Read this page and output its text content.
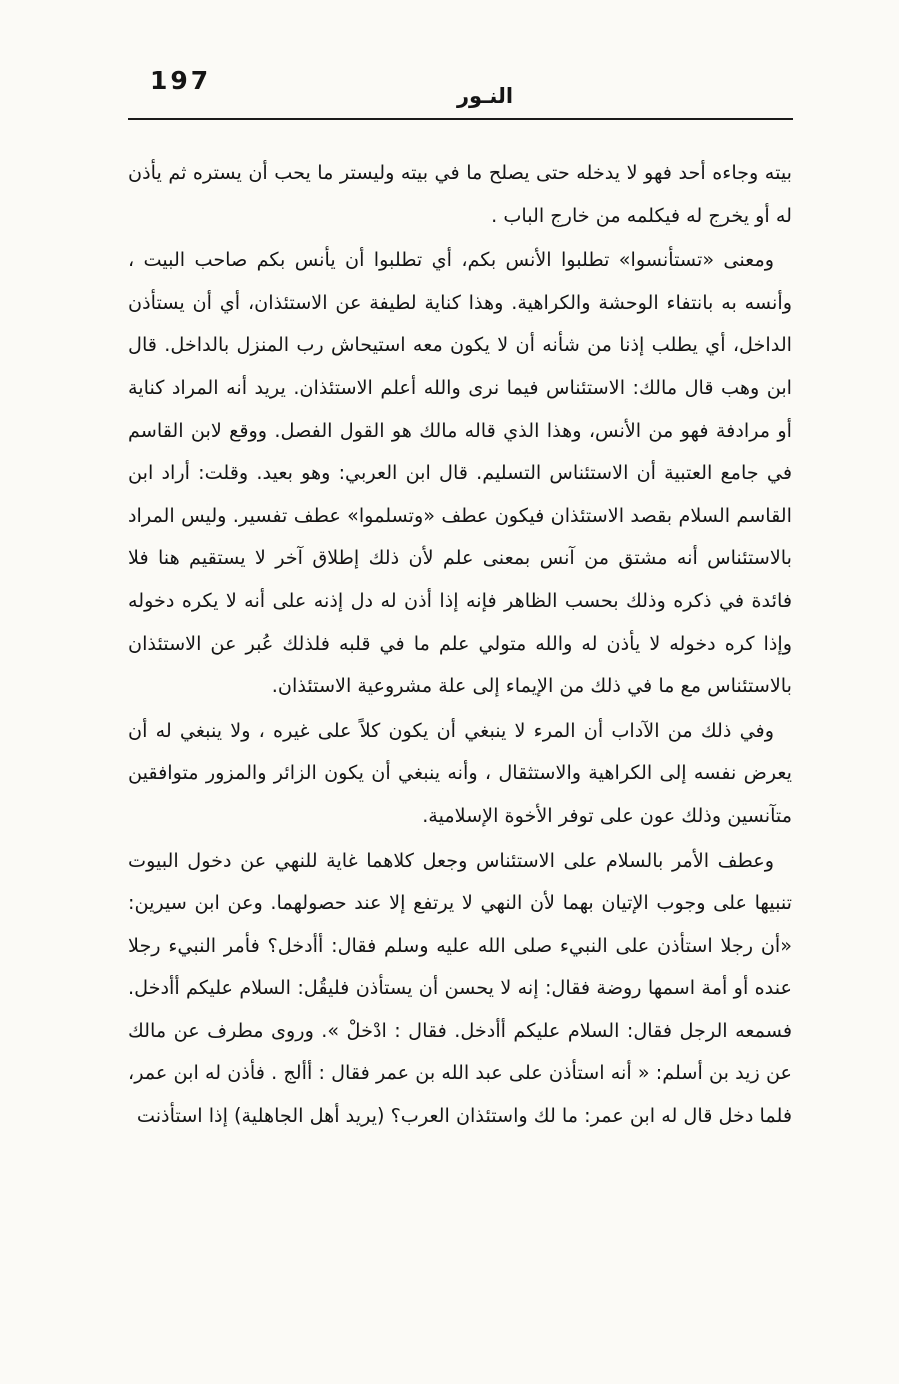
197
النـور

بيته وجاءه أحد فهو لا يدخله حتى يصلح ما في بيته وليستر ما يحب أن يستره ثم يأذن له أو يخرج له فيكلمه من خارج الباب .

ومعنى «تستأنسوا» تطلبوا الأنس بكم، أي تطلبوا أن يأنس بكم صاحب البيت ، وأنسه به بانتفاء الوحشة والكراهية. وهذا كناية لطيفة عن الاستئذان، أي أن يستأذن الداخل، أي يطلب إذنا من شأنه أن لا يكون معه استيحاش رب المنزل بالداخل. قال ابن وهب قال مالك: الاستئناس فيما نرى والله أعلم الاستئذان. يريد أنه المراد كناية أو مرادفة فهو من الأنس، وهذا الذي قاله مالك هو القول الفصل. ووقع لابن القاسم في جامع العتبية أن الاستئناس التسليم. قال ابن العربي: وهو بعيد. وقلت: أراد ابن القاسم السلام بقصد الاستئذان فيكون عطف «وتسلموا» عطف تفسير. وليس المراد بالاستئناس أنه مشتق من آنس بمعنى علم لأن ذلك إطلاق آخر لا يستقيم هنا فلا فائدة في ذكره وذلك بحسب الظاهر فإنه إذا أذن له دل إذنه على أنه لا يكره دخوله وإذا كره دخوله لا يأذن له والله متولي علم ما في قلبه فلذلك عُبر عن الاستئذان بالاستئناس مع ما في ذلك من الإيماء إلى علة مشروعية الاستئذان.

وفي ذلك من الآداب أن المرء لا ينبغي أن يكون كلاً على غيره ، ولا ينبغي له أن يعرض نفسه إلى الكراهية والاستثقال ، وأنه ينبغي أن يكون الزائر والمزور متوافقين متآنسين وذلك عون على توفر الأخوة الإسلامية.

وعطف الأمر بالسلام على الاستئناس وجعل كلاهما غاية للنهي عن دخول البيوت تنبيها على وجوب الإتيان بهما لأن النهي لا يرتفع إلا عند حصولهما. وعن ابن سيرين: «أن رجلا استأذن على النبيء صلى الله عليه وسلم فقال: أأدخل؟ فأمر النبيء رجلا عنده أو أمة اسمها روضة فقال: إنه لا يحسن أن يستأذن فليقُل: السلام عليكم أأدخل. فسمعه الرجل فقال: السلام عليكم أأدخل. فقال : ادْخلْ ». وروى مطرف عن مالك عن زيد بن أسلم: « أنه استأذن على عبد الله بن عمر فقال : أألج . فأذن له ابن عمر، فلما دخل قال له ابن عمر: ما لك واستئذان العرب؟ (يريد أهل الجاهلية) إذا استأذنت
